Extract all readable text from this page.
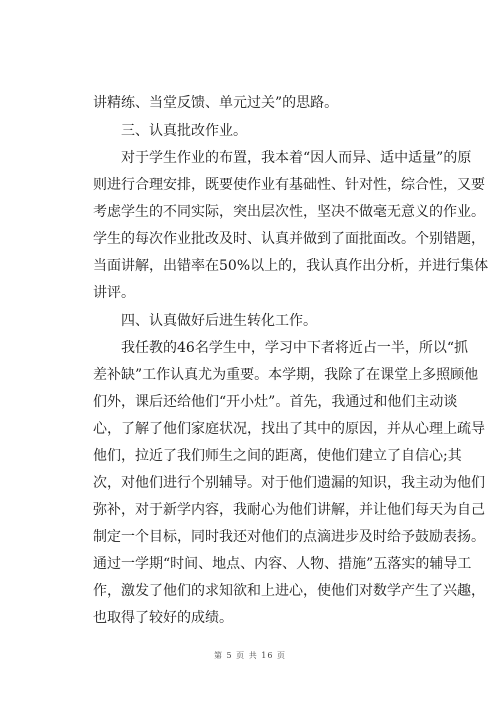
讲精练、当堂反馈、单元过关”的思路。
三、认真批改作业。
对于学生作业的布置，我本着“因人而异、适中适量”的原
则进行合理安排，既要使作业有基础性、针对性，综合性，又要
考虑学生的不同实际，突出层次性，坚决不做毫无意义的作业。
学生的每次作业批改及时、认真并做到了面批面改。个别错题，
当面讲解，出错率在50%以上的，我认真作出分析，并进行集体
讲评。
四、认真做好后进生转化工作。
我任教的46名学生中，学习中下者将近占一半，所以“抓
差补缺”工作认真尤为重要。本学期，我除了在课堂上多照顾他
们外，课后还给他们“开小灶”。首先，我通过和他们主动谈
心，了解了他们家庭状况，找出了其中的原因，并从心理上疏导
他们，拉近了我们师生之间的距离，使他们建立了自信心;其
次，对他们进行个别辅导。对于他们遗漏的知识，我主动为他们
弥补，对于新学内容，我耐心为他们讲解，并让他们每天为自己
制定一个目标，同时我还对他们的点滴进步及时给予鼓励表扬。
通过一学期“时间、地点、内容、人物、措施”五落实的辅导工
作，激发了他们的求知欲和上进心，使他们对数学产生了兴趣，
也取得了较好的成绩。
第 5 页 共 16 页
